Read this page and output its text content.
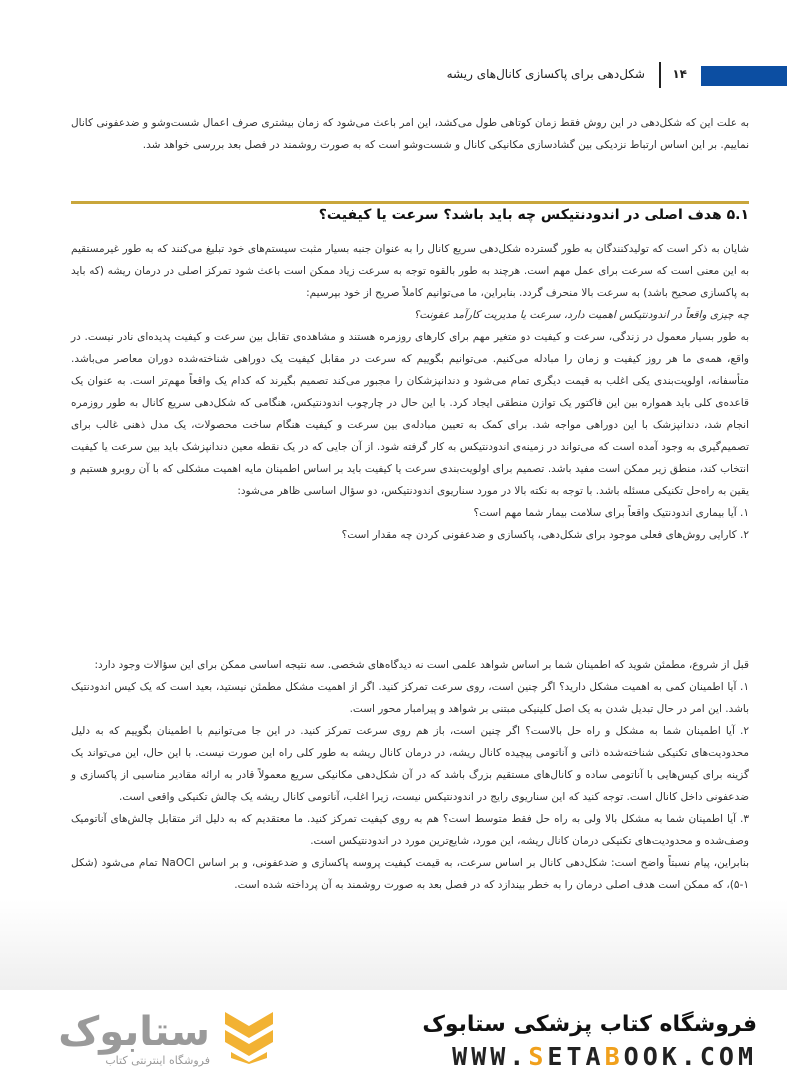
۱۴
شکل‌دهی برای پاکسازی کانال‌های ریشه

به علت این که شکل‌دهی در این روش فقط زمان کوتاهی طول می‌کشد، این امر باعث می‌شود که زمان بیشتری صرف اعمال شست‌وشو و ضدعفونی کانال نماییم. بر این اساس ارتباط نزدیکی بین گشادسازی مکانیکی کانال و شست‌وشو است که به صورت روشمند در فصل بعد بررسی خواهد شد.

۵.۱ هدف اصلی در اندودنتیکس چه باید باشد؟ سرعت یا کیفیت؟

شایان به ذکر است که تولیدکنندگان به طور گسترده شکل‌دهی سریع کانال را به عنوان جنبه بسیار مثبت سیستم‌های خود تبلیغ می‌کنند که به طور غیرمستقیم به این معنی است که سرعت برای عمل مهم است. هرچند به طور بالقوه توجه به سرعت زیاد ممکن است باعث شود تمرکز اصلی در درمان ریشه (که باید به پاکسازی صحیح باشد) به سرعت بالا منحرف گردد. بنابراین، ما می‌توانیم کاملاً صریح از خود بپرسیم:

چه چیزی واقعاً در اندودنتیکس اهمیت دارد، سرعت یا مدیریت کارآمد عفونت؟

به طور بسیار معمول در زندگی، سرعت و کیفیت دو متغیر مهم برای کارهای روزمره هستند و مشاهده‌ی تقابل بین سرعت و کیفیت پدیده‌ای نادر نیست. در واقع، همه‌ی ما هر روز کیفیت و زمان را مبادله می‌کنیم. می‌توانیم بگوییم که سرعت در مقابل کیفیت یک دوراهی شناخته‌شده دوران معاصر می‌باشد. متأسفانه، اولویت‌بندی یکی اغلب به قیمت دیگری تمام می‌شود و دندانپزشکان را مجبور می‌کند تصمیم بگیرند که کدام یک واقعاً مهم‌تر است. به عنوان یک قاعده‌ی کلی باید همواره بین این فاکتور یک توازن منطقی ایجاد کرد. با این حال در چارچوب اندودنتیکس، هنگامی که شکل‌دهی سریع کانال به طور روزمره انجام شد، دندانپزشک با این دوراهی مواجه شد. برای کمک به تعیین مبادله‌ی بین سرعت و کیفیت هنگام ساخت محصولات، یک مدل ذهنی غالب برای تصمیم‌گیری به وجود آمده است که می‌تواند در زمینه‌ی اندودنتیکس به کار گرفته شود. از آن جایی که در یک نقطه معین دندانپزشک باید بین سرعت یا کیفیت انتخاب کند، منطق زیر ممکن است مفید باشد. تصمیم برای اولویت‌بندی سرعت یا کیفیت باید بر اساس اطمینان مایه اهمیت مشکلی که با آن روبرو هستیم و یقین به راه‌حل تکنیکی مسئله باشد. با توجه به نکته بالا در مورد سناریوی اندودنتیکس، دو سؤال اساسی ظاهر می‌شود:

۱. آیا بیماری اندودنتیک واقعاً برای سلامت بیمار شما مهم است؟

۲. کارایی روش‌های فعلی موجود برای شکل‌دهی، پاکسازی و ضدعفونی کردن چه مقدار است؟

قبل از شروع، مطمئن شوید که اطمینان شما بر اساس شواهد علمی است نه دیدگاه‌های شخصی. سه نتیجه اساسی ممکن برای این سؤالات وجود دارد:

۱. آیا اطمینان کمی به اهمیت مشکل دارید؟ اگر چنین است، روی سرعت تمرکز کنید. اگر از اهمیت مشکل مطمئن نیستید، بعید است که یک کیس اندودنتیک باشد. این امر در حال تبدیل شدن به یک اصل کلینیکی مبتنی بر شواهد و پیرامبار محور است.

۲. آیا اطمینان شما به مشکل و راه حل بالاست؟ اگر چنین است، باز هم روی سرعت تمرکز کنید. در این جا می‌توانیم با اطمینان بگوییم که به دلیل محدودیت‌های تکنیکی شناخته‌شده ذاتی و آناتومی پیچیده کانال ریشه، در درمان کانال ریشه به طور کلی راه این صورت نیست. با این حال، این می‌تواند یک گزینه برای کیس‌هایی با آناتومی ساده و کانال‌های مستقیم بزرگ باشد که در آن شکل‌دهی مکانیکی سریع معمولاً قادر به ارائه مقادیر مناسبی از پاکسازی و ضدعفونی داخل کانال است. توجه کنید که این سناریوی رایج در اندودنتیکس نیست، زیرا اغلب، آناتومی کانال ریشه یک چالش تکنیکی واقعی است.

۳. آیا اطمینان شما به مشکل بالا ولی به راه حل فقط متوسط است؟ هم به روی کیفیت تمرکز کنید. ما معتقدیم که به دلیل اثر متقابل چالش‌های آناتومیک وصف‌شده و محدودیت‌های تکنیکی درمان کانال ریشه، این مورد، شایع‌ترین مورد در اندودنتیکس است.

بنابراین، پیام نسبتاً واضح است: شکل‌دهی کانال بر اساس سرعت، به قیمت کیفیت پروسه پاکسازی و ضدعفونی، و بر اساس NaOCl تمام می‌شود (شکل ۱-۵)، که ممکن است هدف اصلی درمان را به خطر بیندازد که در فصل بعد به صورت روشمند به آن پرداخته شده است.

ستابوک
فروشگاه اینترنتی کتاب
فروشگاه کتاب پزشکی ستابوک
WWW.SETABOOK.COM
